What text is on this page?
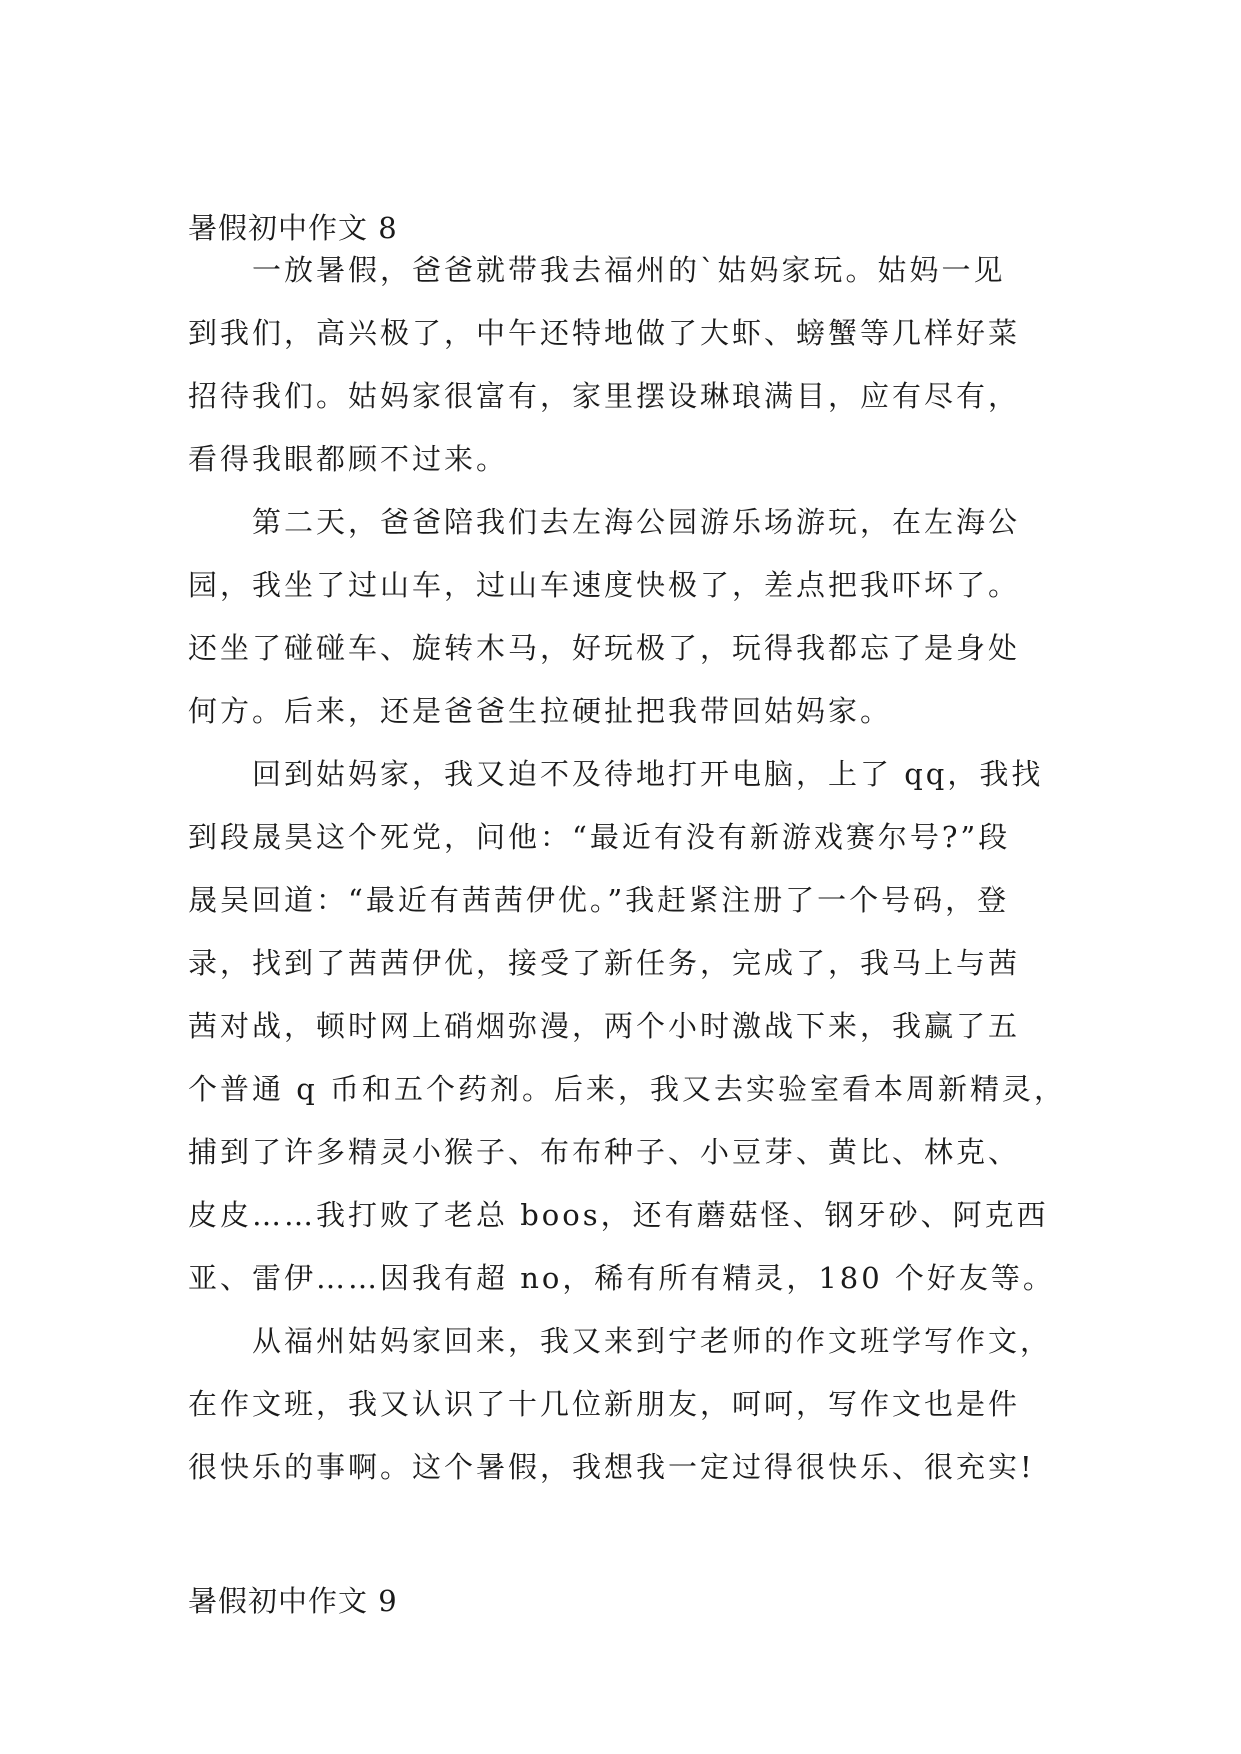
暑假初中作文 8
一放暑假，爸爸就带我去福州的`姑妈家玩。姑妈一见
到我们，高兴极了，中午还特地做了大虾、螃蟹等几样好菜
招待我们。姑妈家很富有，家里摆设琳琅满目，应有尽有，
看得我眼都顾不过来。
第二天，爸爸陪我们去左海公园游乐场游玩，在左海公
园，我坐了过山车，过山车速度快极了，差点把我吓坏了。
还坐了碰碰车、旋转木马，好玩极了，玩得我都忘了是身处
何方。后来，还是爸爸生拉硬扯把我带回姑妈家。
回到姑妈家，我又迫不及待地打开电脑，上了 qq，我找
到段晟昊这个死党，问他：“最近有没有新游戏赛尔号?”段
晟吴回道：“最近有茜茜伊优。”我赶紧注册了一个号码，登
录，找到了茜茜伊优，接受了新任务，完成了，我马上与茜
茜对战，顿时网上硝烟弥漫，两个小时激战下来，我赢了五
个普通 q 币和五个药剂。后来，我又去实验室看本周新精灵，
捕到了许多精灵小猴子、布布种子、小豆芽、黄比、林克、
皮皮……我打败了老总 boos，还有蘑菇怪、钢牙砂、阿克西
亚、雷伊……因我有超 no，稀有所有精灵，180 个好友等。
从福州姑妈家回来，我又来到宁老师的作文班学写作文，
在作文班，我又认识了十几位新朋友，呵呵，写作文也是件
很快乐的事啊。这个暑假，我想我一定过得很快乐、很充实!
暑假初中作文 9
